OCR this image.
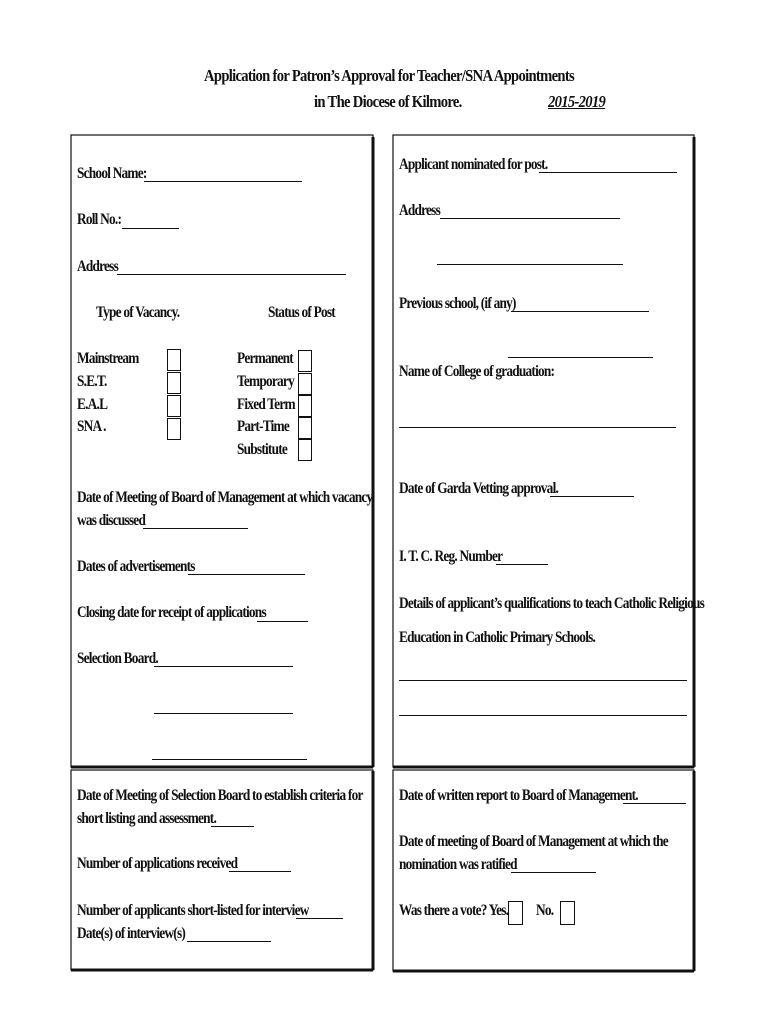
Application for Patron’s Approval for Teacher/SNA Appointments
in The Diocese of Kilmore.	2015-2019
School Name:
Roll No.:
Address
Type of Vacancy.	Status of Post
Mainstream
S.E.T.
E.A.L
SNA .
Permanent
Temporary
Fixed Term
Part-Time
Substitute
Date of Meeting of Board of Management at which vacancy
was discussed
Dates of advertisements
Closing date for receipt of applications
Selection Board.
Applicant nominated for post.
Address
Previous school, (if any)
Name of College of graduation:
Date of Garda Vetting approval.
I. T. C. Reg. Number
Details of applicant’s qualifications to teach Catholic Religious
Education in Catholic Primary Schools.
Date of Meeting of Selection Board to establish criteria for
short listing and assessment.
Number of applications received
Number of applicants short-listed for interview
Date(s) of interview(s)
Date of written report to Board of Management.
Date of meeting of Board of Management at which the
nomination was ratified
Was there a vote? Yes. No.
